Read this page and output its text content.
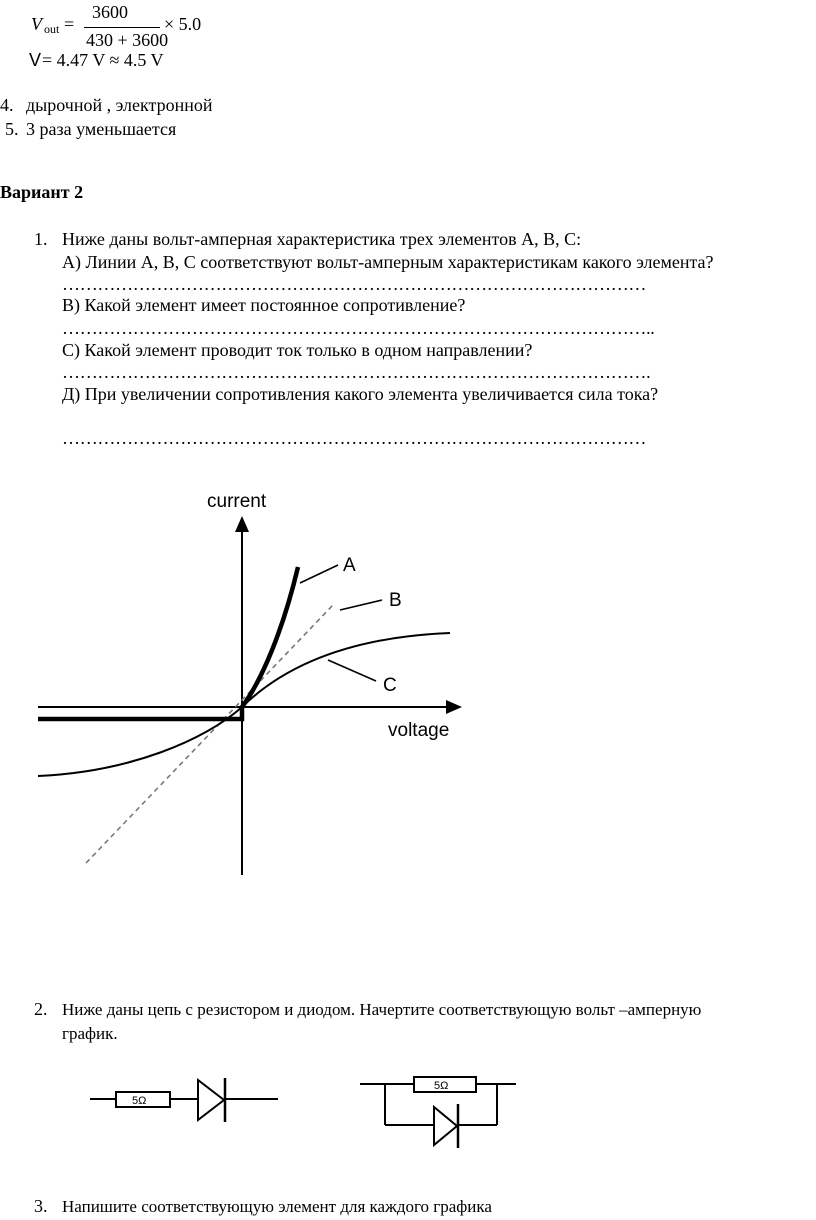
V out =
3600
430 + 3600
× 5.0
V = 4.47 V ≈ 4.5 V
4. дырочной , электронной
5. 3 раза уменьшается
Вариант 2
1. Ниже даны вольт-амперная характеристика трех элементов A, B, C:
A) Линии A, B, C соответствуют вольт-амперным характеристикам какого элемента?
………………………………………………………………………………………
B) Какой элемент имеет постоянное сопротивление?
………………………………………………………………………………………..
C) Какой элемент проводит ток только в одном направлении?
……………………………………………………………………………………….
Д) При увеличении сопротивления какого элемента увеличивается сила тока?
………………………………………………………………………………………
current
voltage
A
B
C
2. Ниже даны цепь с резистором и диодом. Начертите соответствующую вольт –амперную
график.
5Ω
5Ω
3. Напишите соответствующую элемент для каждого графика
